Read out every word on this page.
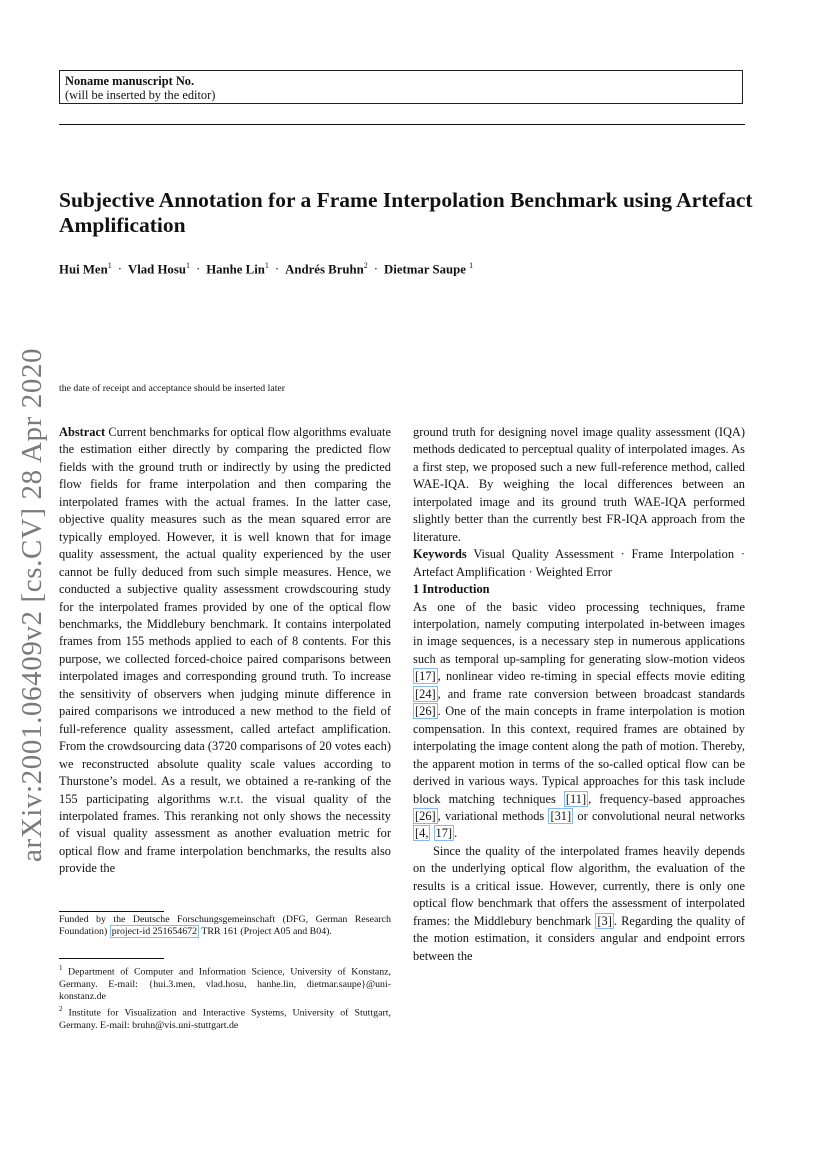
Noname manuscript No.
(will be inserted by the editor)
Subjective Annotation for a Frame Interpolation Benchmark using Artefact Amplification
Hui Men$^1$ · Vlad Hosu$^1$ · Hanhe Lin$^1$ · Andrés Bruhn$^2$ · Dietmar Saupe $^1$
arXiv:2001.06409v2 [cs.CV] 28 Apr 2020 the date of receipt and acceptance should be inserted later

Abstract Current benchmarks for optical flow algorithms evaluate the estimation either directly by comparing the predicted flow fields with the ground truth or indirectly by using the predicted flow fields for frame interpolation and then comparing the interpolated frames with the actual frames. In the latter case, objective quality measures such as the mean squared error are typically employed. However, it is well known that for image quality assessment, the actual quality experienced by the user cannot be fully deduced from such simple measures. Hence, we conducted a subjective quality assessment crowdscouring study for the interpolated frames provided by one of the optical flow benchmarks, the Middlebury benchmark. It contains interpolated frames from 155 methods applied to each of 8 contents. For this purpose, we collected forced-choice paired comparisons between interpolated images and corresponding ground truth. To increase the sensitivity of observers when judging minute difference in paired comparisons we introduced a new method to the field of full-reference quality assessment, called artefact amplification. From the crowdsourcing data (3720 comparisons of 20 votes each) we reconstructed absolute quality scale values according to Thurstone’s model. As a result, we obtained a re-ranking of the 155 participating algorithms w.r.t. the visual quality of the interpolated frames. This reranking not only shows the necessity of visual quality assessment as another evaluation metric for optical flow and frame interpolation benchmarks, the results also provide the

ground truth for designing novel image quality assessment (IQA) methods dedicated to perceptual quality of interpolated images. As a first step, we proposed such a new full-reference method, called WAE-IQA. By weighing the local differences between an interpolated image and its ground truth WAE-IQA performed slightly better than the currently best FR-IQA approach from the literature.

Keywords Visual Quality Assessment · Frame Interpolation · Artefact Amplification · Weighted Error

1 Introduction

As one of the basic video processing techniques, frame interpolation, namely computing interpolated in-between images in image sequences, is a necessary step in numerous applications such as temporal up-sampling for generating slow-motion videos [17] , nonlinear video re-timing in special effects movie editing [24] , and frame rate conversion between broadcast standards [26] . One of the main concepts in frame interpolation is motion compensation. In this context, required frames are obtained by interpolating the image content along the path of motion. Thereby, the apparent motion in terms of the so-called optical flow can be derived in various ways. Typical approaches for this task include block matching techniques [11] , frequency-based approaches [26] , variational methods [31] or convolutional neural networks [4, 17] .

Since the quality of the interpolated frames heavily depends on the underlying optical flow algorithm, the evaluation of the results is a critical issue. However, currently, there is only one optical flow benchmark that offers the assessment of interpolated frames: the Middlebury benchmark [3] . Regarding the quality of the motion estimation, it considers angular and endpoint errors between the

Funded by the Deutsche Forschungsgemeinschaft (DFG, German Research Foundation) project-id 251654672 TRR 161 (Project A05 and B04).
$^1$ Department of Computer and Information Science, University of Konstanz, Germany. E-mail: {hui.3.men, vlad.hosu, hanhe.lin, dietmar.saupe}@uni-konstanz.de
$^2$ Institute for Visualization and Interactive Systems, University of Stuttgart, Germany. E-mail: bruhn@vis.uni-stuttgart.de
